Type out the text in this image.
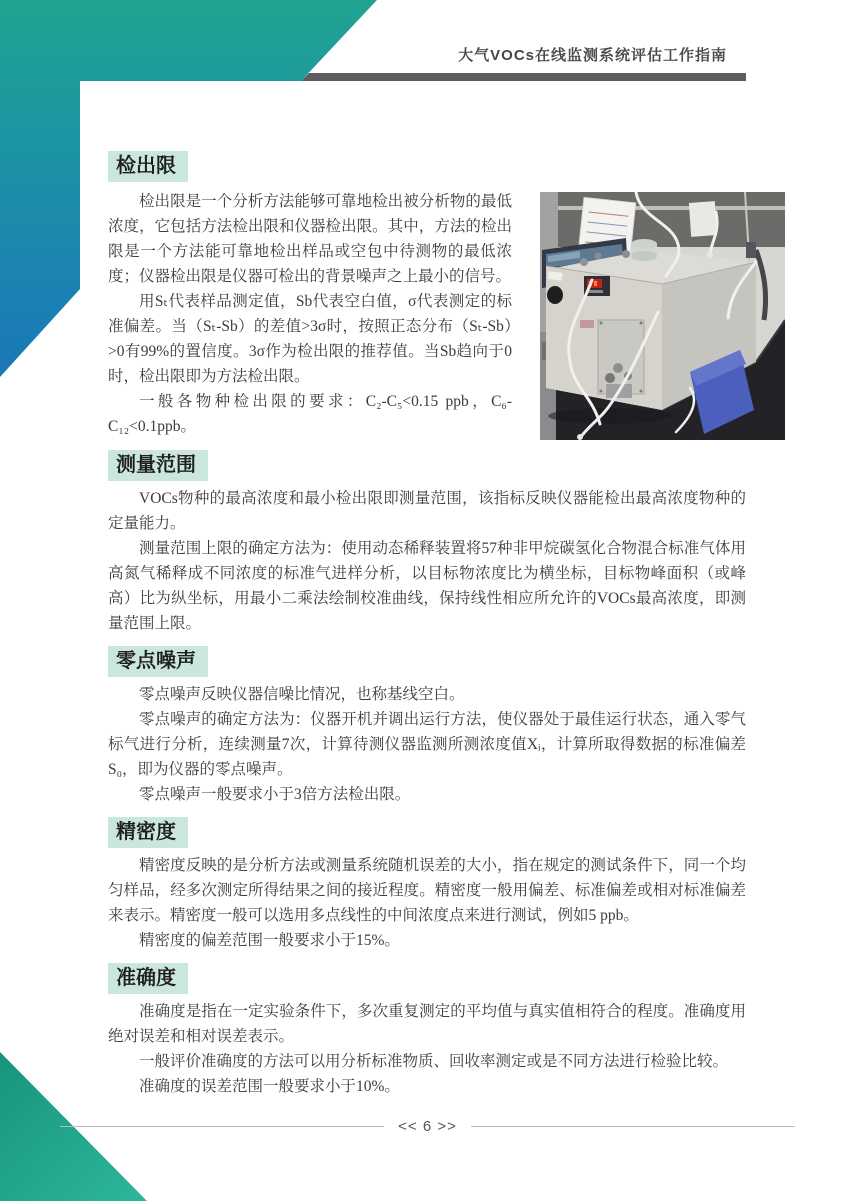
大气VOCs在线监测系统评估工作指南
检出限

检出限是一个分析方法能够可靠地检出被分析物的最低浓度，它包括方法检出限和仪器检出限。其中，方法的检出限是一个方法能可靠地检出样品或空包中待测物的最低浓度；仪器检出限是仪器可检出的背景噪声之上最小的信号。

用Sₜ代表样品测定值，Sb代表空白值，σ代表测定的标准偏差。当（Sₜ-Sb）的差值>3σ时，按照正态分布（Sₜ-Sb）>0有99%的置信度。3σ作为检出限的推荐值。当Sb趋向于0时，检出限即为方法检出限。

一般各物种检出限的要求：C₂-C₅<0.15 ppb，C₆-C₁₂<0.1ppb。

测量范围

VOCs物种的最高浓度和最小检出限即测量范围，该指标反映仪器能检出最高浓度物种的定量能力。

测量范围上限的确定方法为：使用动态稀释装置将57种非甲烷碳氢化合物混合标准气体用高氮气稀释成不同浓度的标准气进样分析，以目标物浓度比为横坐标，目标物峰面积（或峰高）比为纵坐标，用最小二乘法绘制校准曲线，保持线性相应所允许的VOCs最高浓度，即测量范围上限。

零点噪声

零点噪声反映仪器信噪比情况，也称基线空白。

零点噪声的确定方法为：仪器开机并调出运行方法，使仪器处于最佳运行状态，通入零气标气进行分析，连续测量7次，计算待测仪器监测所测浓度值Xᵢ，计算所取得数据的标准偏差S₀，即为仪器的零点噪声。

零点噪声一般要求小于3倍方法检出限。

精密度

精密度反映的是分析方法或测量系统随机误差的大小，指在规定的测试条件下，同一个均匀样品，经多次测定所得结果之间的接近程度。精密度一般用偏差、标准偏差或相对标准偏差来表示。精密度一般可以选用多点线性的中间浓度点来进行测试，例如5 ppb。

精密度的偏差范围一般要求小于15%。

准确度

准确度是指在一定实验条件下，多次重复测定的平均值与真实值相符合的程度。准确度用绝对误差和相对误差表示。

一般评价准确度的方法可以用分析标准物质、回收率测定或是不同方法进行检验比较。

准确度的误差范围一般要求小于10%。

<< 6 >>
